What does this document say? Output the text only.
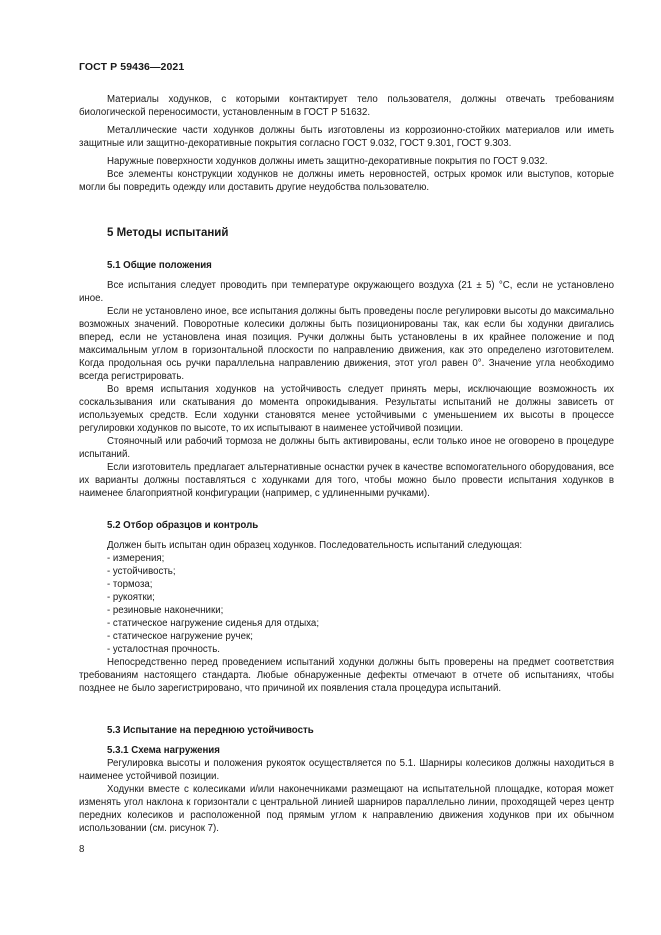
ГОСТ Р 59436—2021

Материалы ходунков, с которыми контактирует тело пользователя, должны отвечать требованиям биологической переносимости, установленным в ГОСТ Р 51632.

Металлические части ходунков должны быть изготовлены из коррозионно-стойких материалов или иметь защитные или защитно-декоративные покрытия согласно ГОСТ 9.032, ГОСТ 9.301, ГОСТ 9.303.

Наружные поверхности ходунков должны иметь защитно-декоративные покрытия по ГОСТ 9.032.

Все элементы конструкции ходунков не должны иметь неровностей, острых кромок или выступов, которые могли бы повредить одежду или доставить другие неудобства пользователю.

5 Методы испытаний

5.1 Общие положения

Все испытания следует проводить при температуре окружающего воздуха (21 ± 5) °С, если не установлено иное.

Если не установлено иное, все испытания должны быть проведены после регулировки высоты до максимально возможных значений. Поворотные колесики должны быть позиционированы так, как если бы ходунки двигались вперед, если не установлена иная позиция. Ручки должны быть установлены в их крайнее положение и под максимальным углом в горизонтальной плоскости по направлению движения, как это определено изготовителем. Когда продольная ось ручки параллельна направлению движения, этот угол равен 0°. Значение угла необходимо всегда регистрировать.

Во время испытания ходунков на устойчивость следует принять меры, исключающие возможность их соскальзывания или скатывания до момента опрокидывания. Результаты испытаний не должны зависеть от используемых средств. Если ходунки становятся менее устойчивыми с уменьшением их высоты в процессе регулировки ходунков по высоте, то их испытывают в наименее устойчивой позиции.

Стояночный или рабочий тормоза не должны быть активированы, если только иное не оговорено в процедуре испытаний.

Если изготовитель предлагает альтернативные оснастки ручек в качестве вспомогательного оборудования, все их варианты должны поставляться с ходунками для того, чтобы можно было провести испытания ходунков в наименее благоприятной конфигурации (например, с удлиненными ручками).

5.2 Отбор образцов и контроль

Должен быть испытан один образец ходунков. Последовательность испытаний следующая:

- измерения;

- устойчивость;

- тормоза;

- рукоятки;

- резиновые наконечники;

- статическое нагружение сиденья для отдыха;

- статическое нагружение ручек;

- усталостная прочность.

Непосредственно перед проведением испытаний ходунки должны быть проверены на предмет соответствия требованиям настоящего стандарта. Любые обнаруженные дефекты отмечают в отчете об испытаниях, чтобы позднее не было зарегистрировано, что причиной их появления стала процедура испытаний.

5.3 Испытание на переднюю устойчивость

5.3.1 Схема нагружения

Регулировка высоты и положения рукояток осуществляется по 5.1. Шарниры колесиков должны находиться в наименее устойчивой позиции.

Ходунки вместе с колесиками и/или наконечниками размещают на испытательной площадке, которая может изменять угол наклона к горизонтали с центральной линией шарниров параллельно линии, проходящей через центр передних колесиков и расположенной под прямым углом к направлению движения ходунков при их обычном использовании (см. рисунок 7).

8
